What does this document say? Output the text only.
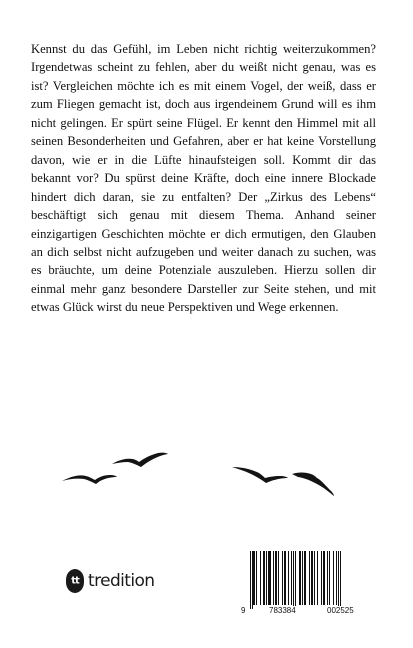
Kennst du das Gefühl, im Leben nicht richtig weiterzukommen? Irgendetwas scheint zu fehlen, aber du weißt nicht genau, was es ist? Vergleichen möchte ich es mit einem Vogel, der weiß, dass er zum Fliegen gemacht ist, doch aus irgendeinem Grund will es ihm nicht gelingen. Er spürt seine Flügel. Er kennt den Himmel mit all seinen Besonderheiten und Gefahren, aber er hat keine Vorstellung davon, wie er in die Lüfte hinaufsteigen soll. Kommt dir das bekannt vor? Du spürst deine Kräfte, doch eine innere Blockade hindert dich daran, sie zu entfalten? Der „Zirkus des Lebens“ beschäftigt sich genau mit diesem Thema. Anhand seiner einzigartigen Geschichten möchte er dich ermutigen, den Glauben an dich selbst nicht aufzugeben und weiter danach zu suchen, was es bräuchte, um deine Potenziale auszuleben. Hierzu sollen dir einmal mehr ganz besondere Darsteller zur Seite stehen, und mit etwas Glück wirst du neue Perspektiven und Wege erkennen.

tt tredition
9	783384	002525
